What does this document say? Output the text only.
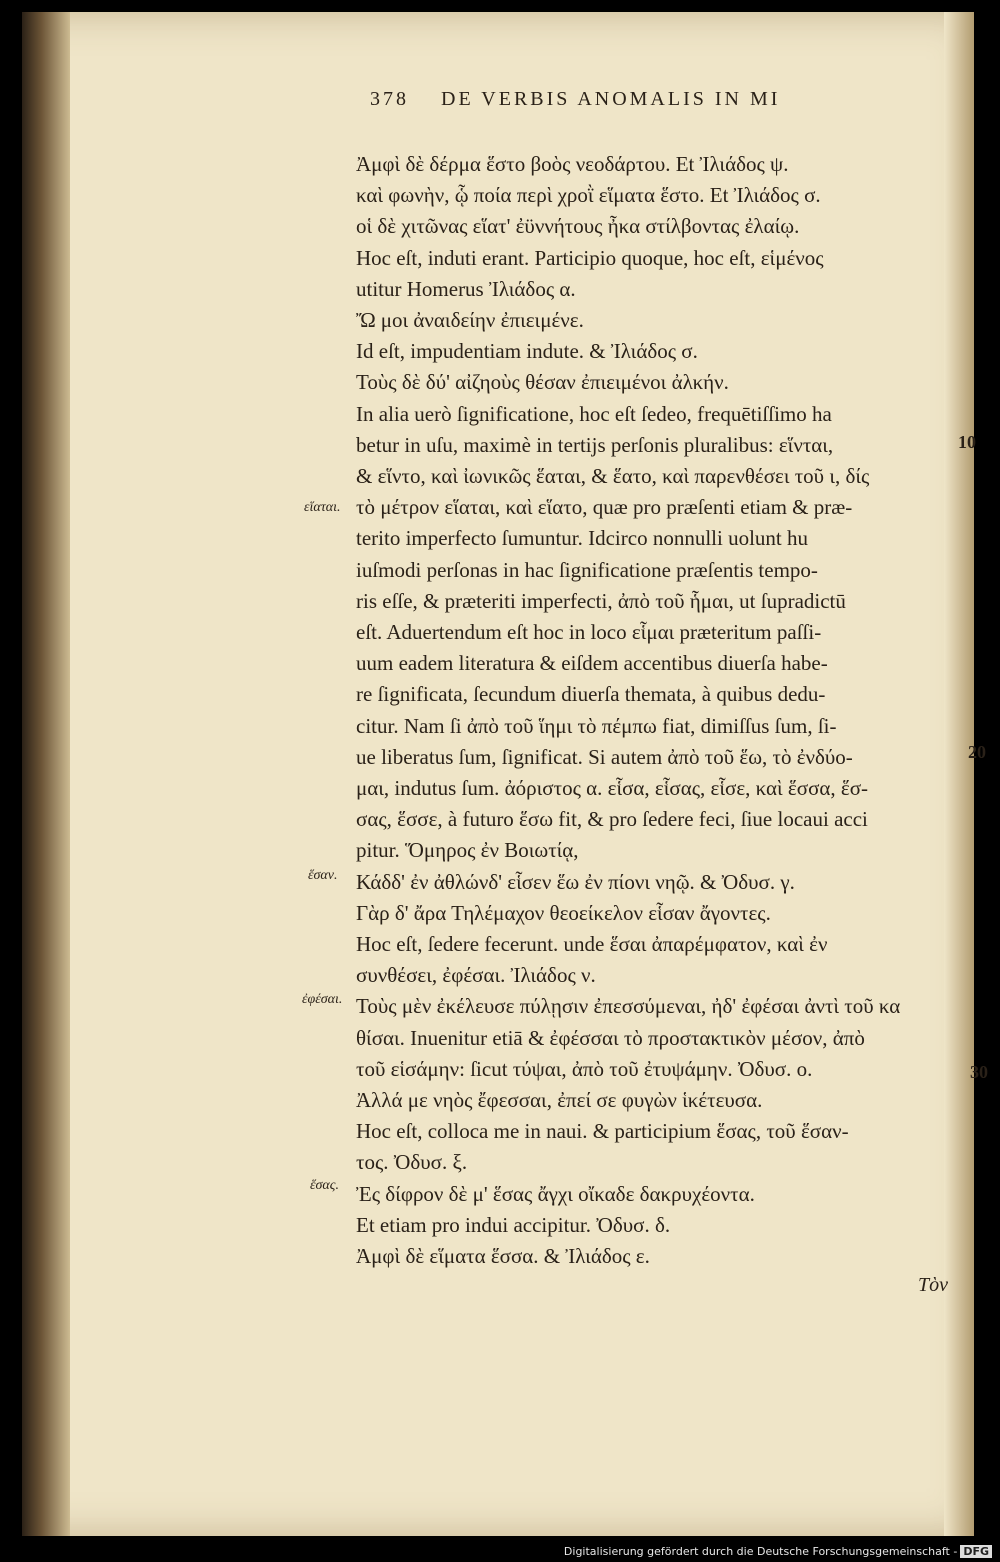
378 DE VERBIS ANOMALIS IN MI
Ἀμφὶ δὲ δέρμα ἕστο βοὸς νεοδάρτου. Et Ἰλιάδος ψ.
καὶ φωνὴν, ᾧ ποία περὶ χροῒ εἵματα ἕστο. Et Ἰλιάδος σ.
οἱ δὲ χιτῶνας εἵατ' ἐϋννήτους ἦκα στίλβοντας ἐλαίῳ.
Hoc eſt, induti erant. Participio quoque, hoc eſt, εἱμένος
utitur Homerus Ἰλιάδος α.
Ὤ μοι ἀναιδείην ἐπιειμένε.
Id eſt, impudentiam indute. & Ἰλιάδος σ.
Τοὺς δὲ δύ' αἰζηοὺς θέσαν ἐπιειμένοι ἀλκήν.
In alia uerò ſignificatione, hoc eſt ſedeo, frequētiſſimo ha
betur in uſu, maximè in tertijs perſonis pluralibus: εἵνται,
& εἵντο, καὶ ἰωνικῶς ἕαται, & ἕατο, καὶ παρενθέσει τοῦ ι, δίς
τὸ μέτρον εἵαται, καὶ εἵατο, quæ pro præſenti etiam & præ-
terito imperfecto ſumuntur. Idcirco nonnulli uolunt hu
iuſmodi perſonas in hac ſignificatione præſentis tempo-
ris eſſe, & præteriti imperfecti, ἀπὸ τοῦ ἧμαι, ut ſupradictū
eſt. Aduertendum eſt hoc in loco εἷμαι præteritum paſſi-
uum eadem literatura & eiſdem accentibus diuerſa habe-
re ſignificata, ſecundum diuerſa themata, à quibus dedu-
citur. Nam ſi ἀπὸ τοῦ ἵημι τὸ πέμπω fiat, dimiſſus ſum, ſi-
ue liberatus ſum, ſignificat. Si autem ἀπὸ τοῦ ἕω, τὸ ἐνδύο-
μαι, indutus ſum. ἀόριστος α. εἷσα, εἷσας, εἷσε, καὶ ἕσσα, ἕσ-
σας, ἕσσε, à futuro ἕσω fit, & pro ſedere feci, ſiue locaui acci
pitur. Ὅμηρος ἐν Βοιωτίᾳ,
Κάδδ' ἐν ἀθλώνδ' εἷσεν ἕω ἐν πίονι νηῷ. & Ὀδυσ. γ.
Γὰρ δ' ἄρα Τηλέμαχον θεοείκελον εἷσαν ἄγοντες.
Hoc eſt, ſedere fecerunt. unde ἕσαι ἀπαρέμφατον, καὶ ἐν
συνθέσει, ἐφέσαι. Ἰλιάδος ν.
Τοὺς μὲν ἐκέλευσε πύλῃσιν ἐπεσσύμεναι, ἠδ' ἐφέσαι ἀντὶ τοῦ κα
θίσαι. Inuenitur etiā & ἐφέσσαι τὸ προστακτικὸν μέσον, ἀπὸ
τοῦ εἱσάμην: ſicut τύψαι, ἀπὸ τοῦ ἐτυψάμην. Ὀδυσ. ο.
Ἀλλά με νηὸς ἔφεσσαι, ἐπεί σε φυγὼν ἱκέτευσα.
Hoc eſt, colloca me in naui. & participium ἕσας, τοῦ ἕσαν-
τος. Ὀδυσ. ξ.
Ἐς δίφρον δὲ μ' ἕσας ἄγχι οἴκαδε δακρυχέοντα.
Et etiam pro indui accipitur. Ὀδυσ. δ.
Ἀμφὶ δὲ εἵματα ἕσσα. & Ἰλιάδος ε.
εἵαται.
ἕσαν.
ἐφέσαι.
ἕσας.
10
20
30
Τὸν
Digitalisierung gefördert durch die Deutsche Forschungsgemeinschaft - DFG
